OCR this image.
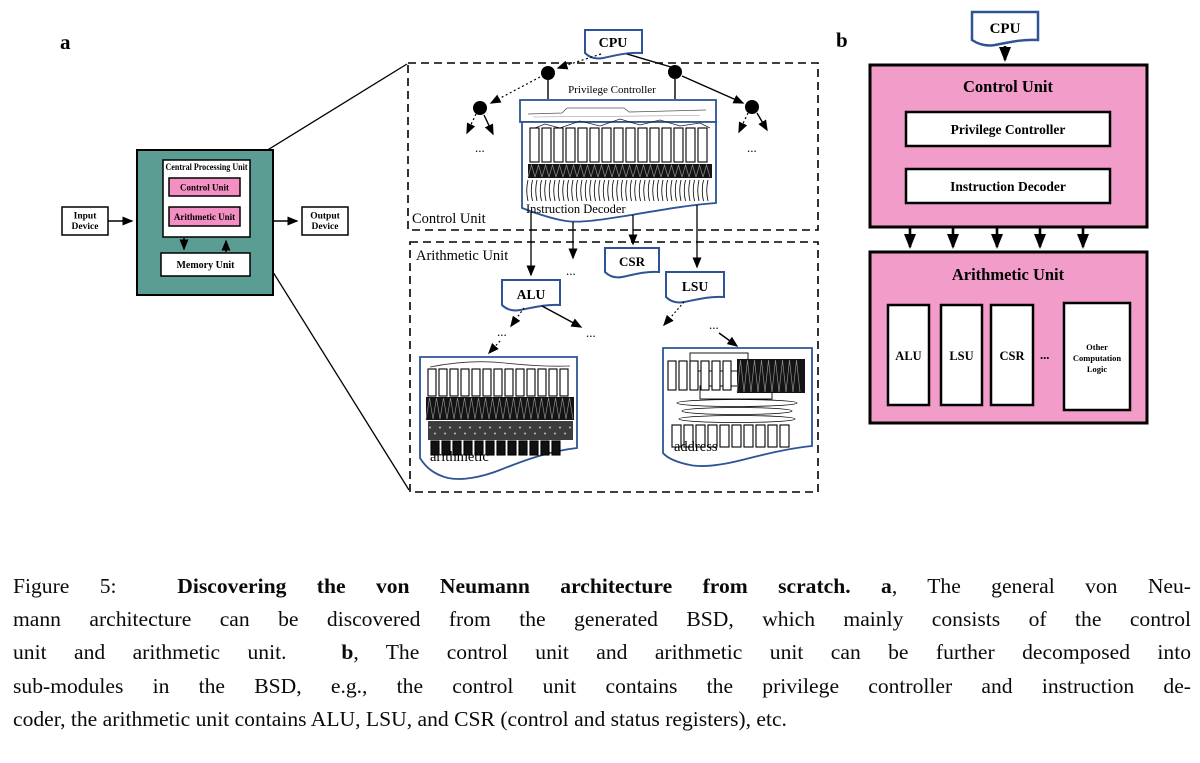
a
Input
Device
Output
Device
Central Processing Unit
Control Unit
Arithmetic Unit
Memory Unit
CPU
Control Unit
Arithmetic Unit
...	...
Privilege Controller
Instruction Decoder
...
CSR
ALU
LSU
...	...
...
arithmetic
address
b	CPU
Control Unit
Privilege Controller
Instruction Decoder
Arithmetic Unit
ALU LSU CSR ...
Other
Computation
Logic
Figure 5:  Discovering the von Neumann architecture from scratch. a, The general von Neu-
mann architecture can be discovered from the generated BSD, which mainly consists of the control
unit and arithmetic unit.  b, The control unit and arithmetic unit can be further decomposed into
sub-modules in the BSD, e.g., the control unit contains the privilege controller and instruction de-
coder, the arithmetic unit contains ALU, LSU, and CSR (control and status registers), etc.
